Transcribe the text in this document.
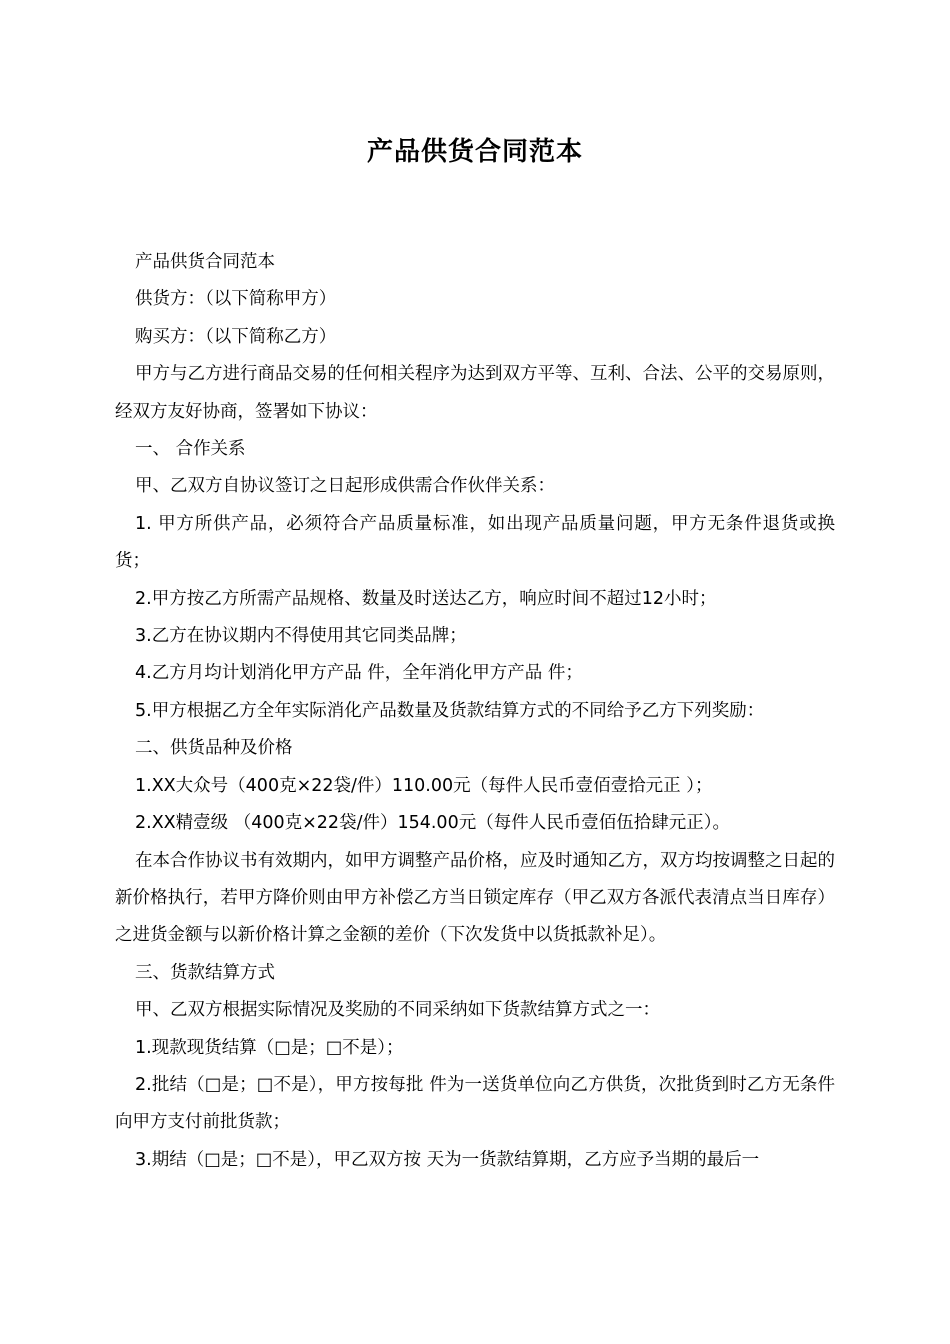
产品供货合同范本

产品供货合同范本

供货方：（以下简称甲方）

购买方：（以下简称乙方）

甲方与乙方进行商品交易的任何相关程序为达到双方平等、互利、合法、公平的交易原则，经双方友好协商，签署如下协议：

一、 合作关系

甲、乙双方自协议签订之日起形成供需合作伙伴关系：

1. 甲方所供产品，必须符合产品质量标准，如出现产品质量问题，甲方无条件退货或换货；

2.甲方按乙方所需产品规格、数量及时送达乙方，响应时间不超过12小时；

3.乙方在协议期内不得使用其它同类品牌；

4.乙方月均计划消化甲方产品 件，全年消化甲方产品 件；

5.甲方根据乙方全年实际消化产品数量及货款结算方式的不同给予乙方下列奖励：

二、供货品种及价格

1.XX大众号（400克×22袋/件）110.00元（每件人民币壹佰壹拾元正 ）；

2.XX精壹级 （400克×22袋/件）154.00元（每件人民币壹佰伍拾肆元正）。

在本合作协议书有效期内，如甲方调整产品价格，应及时通知乙方，双方均按调整之日起的新价格执行，若甲方降价则由甲方补偿乙方当日锁定库存（甲乙双方各派代表清点当日库存）之进货金额与以新价格计算之金额的差价（下次发货中以货抵款补足）。

三、货款结算方式

甲、乙双方根据实际情况及奖励的不同采纳如下货款结算方式之一：

1.现款现货结算（□是；□不是）；

2.批结（□是；□不是），甲方按每批 件为一送货单位向乙方供货，次批货到时乙方无条件向甲方支付前批货款；

3.期结（□是；□不是），甲乙双方按 天为一货款结算期，乙方应予当期的最后一
